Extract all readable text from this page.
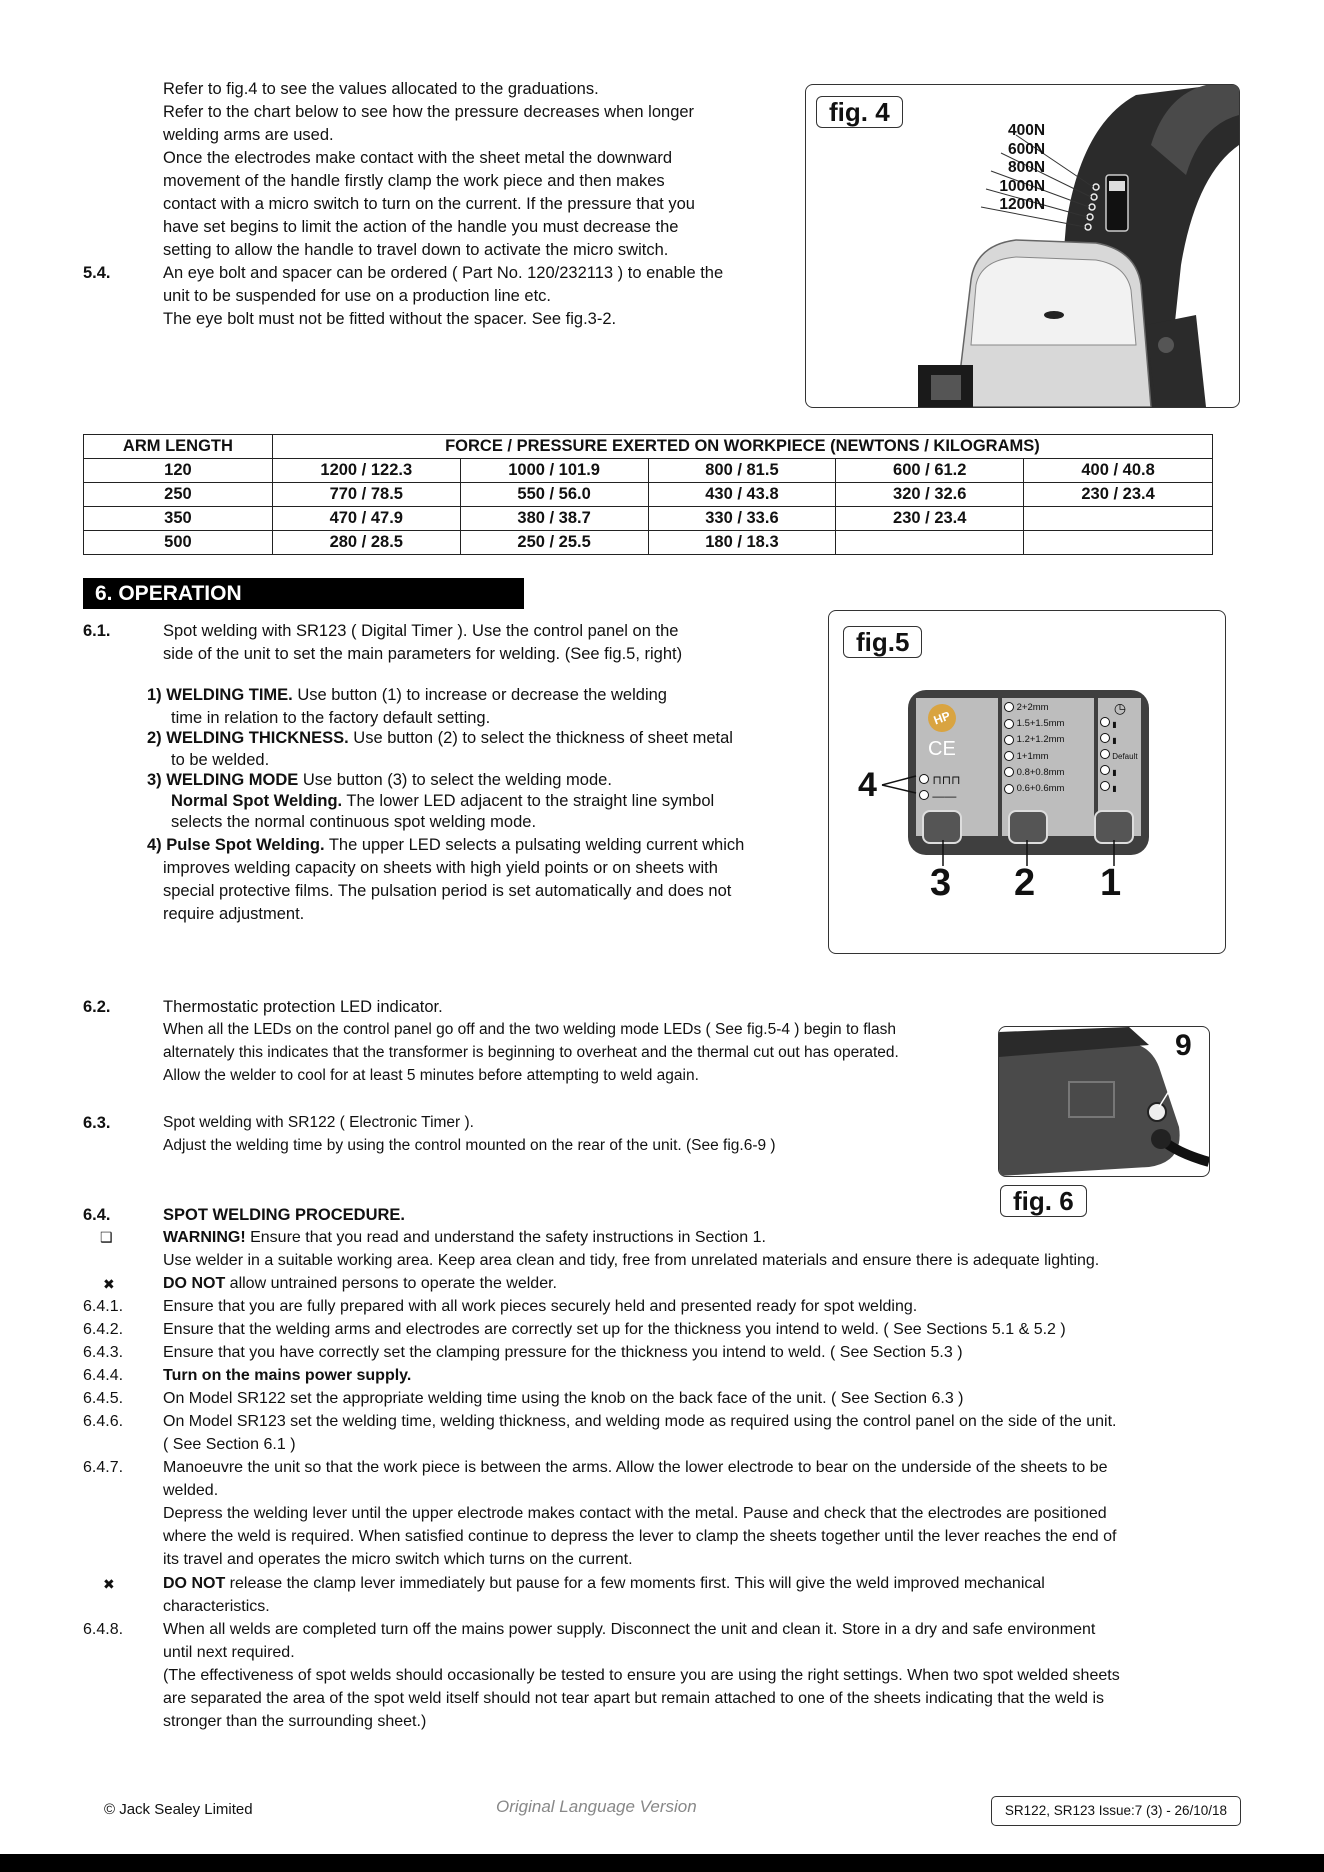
Refer to fig.4 to see the values allocated to the graduations.
Refer to the chart below to see how the pressure decreases when longer
welding arms are used.
Once the electrodes make contact with the sheet metal the downward
movement of the handle firstly clamp the work piece and then makes
contact with a micro switch to turn on the current. If the pressure that you
have set begins to limit the action of the handle you must decrease the
setting to allow the handle to travel down to activate the micro switch.
5.4.	An eye bolt and spacer can be ordered ( Part No. 120/232113 ) to enable the
unit to be suspended for use on a production line etc.
The eye bolt must not be fitted without the spacer. See fig.3-2.
fig. 4
400N
600N
800N
1000N
1200N
ARM LENGTH	FORCE / PRESSURE EXERTED ON WORKPIECE (NEWTONS / KILOGRAMS)				
120	1200 / 122.3	1000 / 101.9	800 / 81.5	600 / 61.2	400 / 40.8
250	770 / 78.5	550 / 56.0	430 / 43.8	320 / 32.6	230 / 23.4
350	470 / 47.9	380 / 38.7	330 / 33.6	230 / 23.4	
500	280 / 28.5	250 / 25.5	180 / 18.3		
6. OPERATION
6.1.	Spot welding with SR123 ( Digital Timer ). Use the control panel on the
side of the unit to set the main parameters for welding. (See fig.5, right)
1) WELDING TIME. Use button (1) to increase or decrease the welding
time in relation to the factory default setting.
2) WELDING THICKNESS. Use button (2) to select the thickness of sheet metal
to be welded.
3) WELDING MODE Use button (3) to select the welding mode.
Normal Spot Welding. The lower LED adjacent to the straight line symbol
selects the normal continuous spot welding mode.
4) Pulse Spot Welding. The upper LED selects a pulsating welding current which
improves welding capacity on sheets with high yield points or on sheets with
special protective films. The pulsation period is set automatically and does not
require adjustment.
fig.5
HP
CE
⊓⊓⊓
——
2+2mm
1.5+1.5mm
1.2+1.2mm
1+1mm
0.8+0.8mm
0.6+0.6mm
◷
▮
▮
Default
▮
▮
4
3 2 1
6.2.	Thermostatic protection LED indicator.
When all the LEDs on the control panel go off and the two welding mode LEDs ( See fig.5-4 ) begin to flash
alternately this indicates that the transformer is beginning to overheat and the thermal cut out has operated.
Allow the welder to cool for at least 5 minutes before attempting to weld again.
6.3.	Spot welding with SR122 ( Electronic Timer ).
Adjust the welding time by using the control mounted on the rear of the unit. (See fig.6-9 )
9
fig. 6
6.4.	SPOT WELDING PROCEDURE.
❑	WARNING! Ensure that you read and understand the safety instructions in Section 1.
Use welder in a suitable working area. Keep area clean and tidy, free from unrelated materials and ensure there is adequate lighting.
✖	DO NOT allow untrained persons to operate the welder.
6.4.1. Ensure that you are fully prepared with all work pieces securely held and presented ready for spot welding.
6.4.2. Ensure that the welding arms and electrodes are correctly set up for the thickness you intend to weld. ( See Sections 5.1 & 5.2 )
6.4.3. Ensure that you have correctly set the clamping pressure for the thickness you intend to weld. ( See Section 5.3 )
6.4.4. Turn on the mains power supply.
6.4.5. On Model SR122 set the appropriate welding time using the knob on the back face of the unit. ( See Section 6.3 )
6.4.6. On Model SR123 set the welding time, welding thickness, and welding mode as required using the control panel on the side of the unit.
( See Section 6.1 )
6.4.7. Manoeuvre the unit so that the work piece is between the arms. Allow the lower electrode to bear on the underside of the sheets to be
welded.
Depress the welding lever until the upper electrode makes contact with the metal. Pause and check that the electrodes are positioned
where the weld is required. When satisfied continue to depress the lever to clamp the sheets together until the lever reaches the end of
its travel and operates the micro switch which turns on the current.
✖	DO NOT release the clamp lever immediately but pause for a few moments first. This will give the weld improved mechanical
characteristics.
6.4.8. When all welds are completed turn off the mains power supply. Disconnect the unit and clean it. Store in a dry and safe environment
until next required.
(The effectiveness of spot welds should occasionally be tested to ensure you are using the right settings. When two spot welded sheets
are separated the area of the spot weld itself should not tear apart but remain attached to one of the sheets indicating that the weld is
stronger than the surrounding sheet.)
© Jack Sealey Limited	Original Language Version	SR122, SR123 Issue:7 (3) - 26/10/18
